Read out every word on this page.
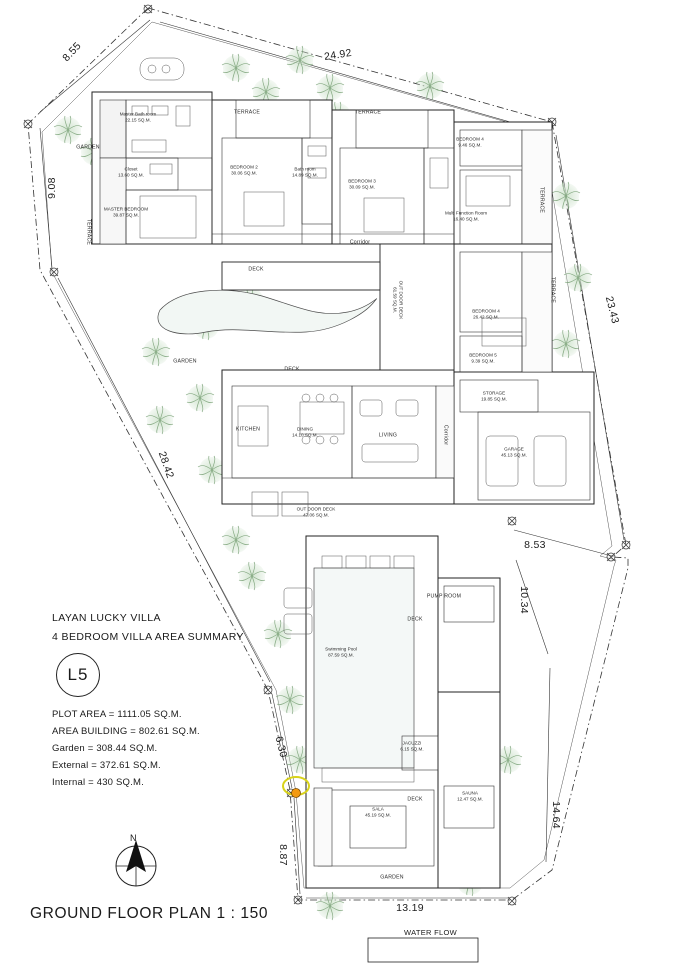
8.55	24.92
9.08
23.43
28.42
8.53
10.34
14.64
6.30
8.87
13.19
GARDEN
Master Bath room
22.15 SQ.M.
Closet
13.60 SQ.M.
MASTER BEDROOM
39.87 SQ.M.
TERRACE	TERRACE
BEDROOM 2
30.06 SQ.M.
Bath room
14.89 SQ.M.
BEDROOM 3
30.09 SQ.M.
BEDROOM 4
9.46 SQ.M.
Multi Function Room
16.40 SQ.M.
Corridor
TERRACE
TERRACE
DECK
OUT DOOR DECK
61.59 SQ.M.
GARDEN
DECK
BEDROOM 4
26.42 SQ.M.
BEDROOM 5
9.39 SQ.M.
STORAGE
19.85 SQ.M.
GARAGE
45.13 SQ.M.
KITCHEN	DINING
14.10 SQ.M.	LIVING	Corridor
OUT DOOR DECK
47.06 SQ.M.
PUMP ROOM
DECK
Swimming Pool
87.59 SQ.M.
JACUZZI
6.15 SQ.M.
DECK
SAUNA
12.47 SQ.M.
SALA
45.19 SQ.M.
GARDEN
TERRACE
LAYAN LUCKY VILLA
4 BEDROOM VILLA AREA SUMMARY
L5
PLOT AREA = 1111.05 SQ.M.
AREA BUILDING = 802.61 SQ.M.
Garden = 308.44 SQ.M.
External = 372.61 SQ.M.
Internal = 430 SQ.M.
N
WATER FLOW
GROUND FLOOR PLAN 1 : 150
